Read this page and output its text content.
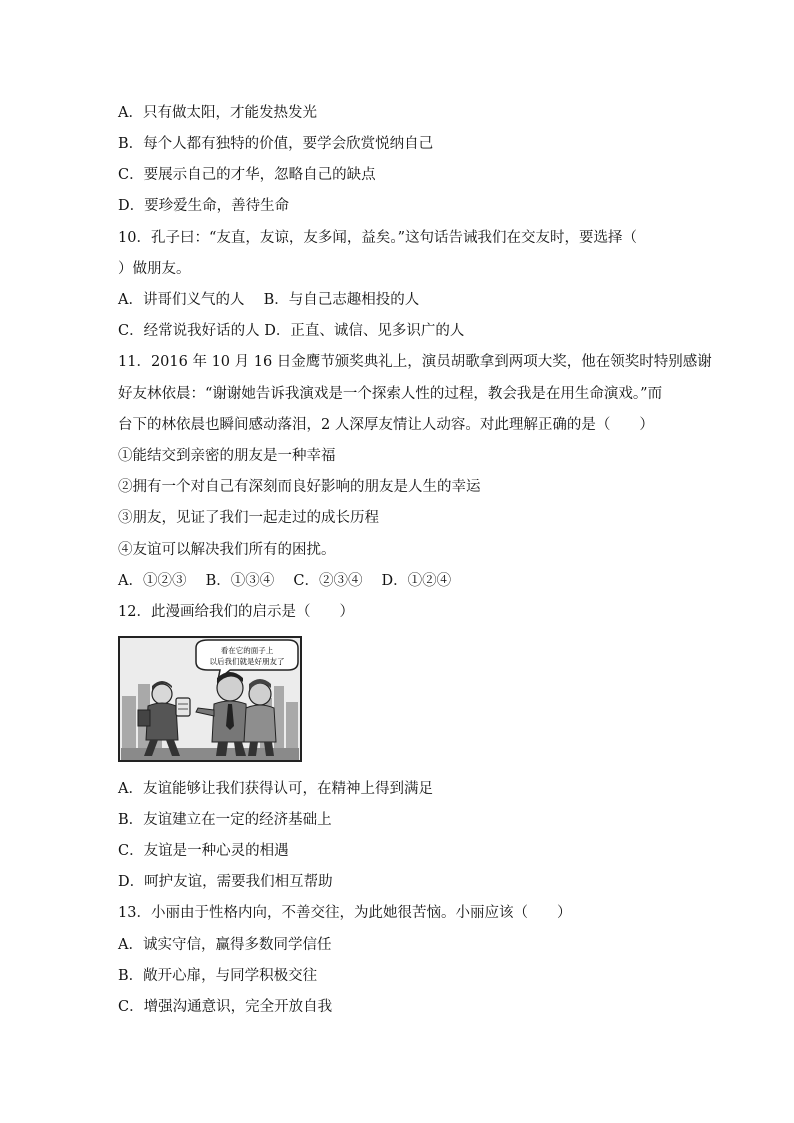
A．只有做太阳，才能发热发光
B．每个人都有独特的价值，要学会欣赏悦纳自己
C．要展示自己的才华，忽略自己的缺点
D．要珍爱生命，善待生命
10．孔子曰：“友直，友谅，友多闻，益矣。”这句话告诫我们在交友时，要选择（
）做朋友。
A．讲哥们义气的人　 B．与自己志趣相投的人
C．经常说我好话的人 D．正直、诚信、见多识广的人
11．2016 年 10 月 16 日金鹰节颁奖典礼上，演员胡歌拿到两项大奖，他在领奖时特别感谢
好友林依晨：“谢谢她告诉我演戏是一个探索人性的过程，教会我是在用生命演戏。”而
台下的林依晨也瞬间感动落泪，2 人深厚友情让人动容。对此理解正确的是（　　）
①能结交到亲密的朋友是一种幸福
②拥有一个对自己有深刻而良好影响的朋友是人生的幸运
③朋友，见证了我们一起走过的成长历程
④友谊可以解决我们所有的困扰。
A．①②③　 B．①③④　 C．②③④　 D．①②④
12．此漫画给我们的启示是（　　）
看在它的面子上
以后我们就是好朋友了
A．友谊能够让我们获得认可，在精神上得到满足
B．友谊建立在一定的经济基础上
C．友谊是一种心灵的相遇
D．呵护友谊，需要我们相互帮助
13．小丽由于性格内向，不善交往，为此她很苦恼。小丽应该（　　）
A．诚实守信，赢得多数同学信任
B．敞开心扉，与同学积极交往
C．增强沟通意识，完全开放自我
